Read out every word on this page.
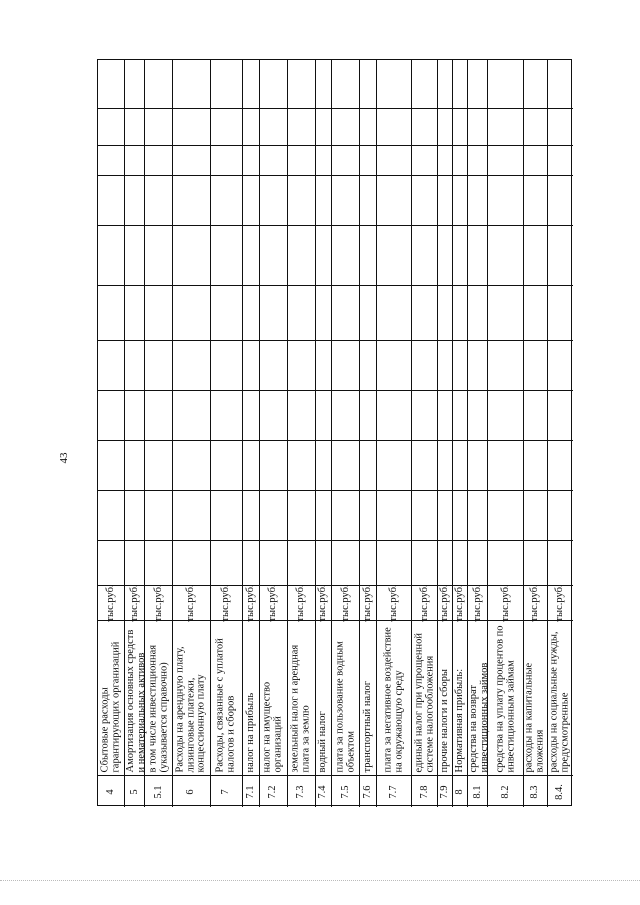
43
тыс.руб.
Сбытовые расходы гарантирующих организаций
4
тыс.руб.
Амортизация основных средств и нематериальных активов
5
тыс.руб.
в том числе инвестиционная (указывается справочно)
5.1
тыс.руб.
Расходы на арендную плату, лизинговые платежи, концессионную плату
6
тыс.руб.
Расходы, связанные с уплатой налогов и сборов
7
тыс.руб.
налог на прибыль
7.1
тыс.руб.
налог на имущество организаций
7.2
тыс.руб.
земельный налог и арендная плата за землю
7.3
тыс.руб.
водный налог
7.4
тыс.руб.
плата за пользование водным объектом
7.5
тыс.руб.
транспортный налог
7.6
тыс.руб.
плата за негативное воздействие на окружающую среду
7.7
тыс.руб.
единый налог при упрощенной системе налогообложения
7.8
тыс.руб.
прочие налоги и сборы
7.9
тыс.руб.
Нормативная прибыль:
8
тыс.руб.
средства на возврат инвестиционных займов
8.1
тыс.руб.
средства на уплату процентов по инвестиционным займам
8.2
тыс.руб.
расходы на капитальные вложения
8.3
тыс.руб.
расходы на социальные нужды, предусмотренные
8.4.
